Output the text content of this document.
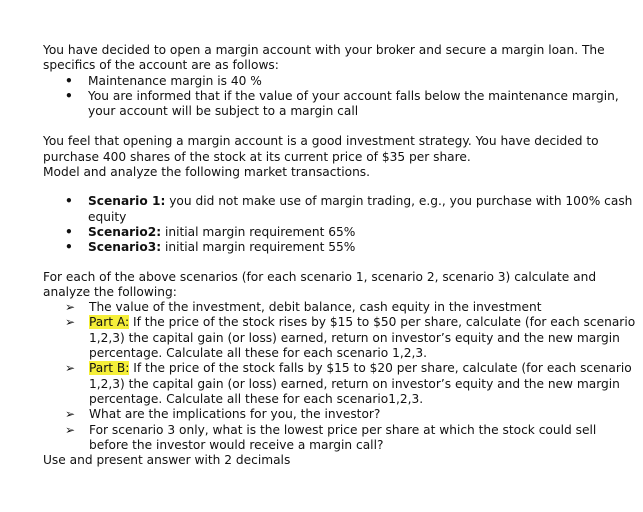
You have decided to open a margin account with your broker and secure a margin loan. The specifics of the account are as follows:

• Maintenance margin is 40 %
• You are informed that if the value of your account falls below the maintenance margin, your account will be subject to a margin call

You feel that opening a margin account is a good investment strategy. You have decided to purchase 400 shares of the stock at its current price of $35 per share.

Model and analyze the following market transactions.

• Scenario 1: you did not make use of margin trading, e.g., you purchase with 100% cash equity
• Scenario2: initial margin requirement 65%
• Scenario3: initial margin requirement 55%

For each of the above scenarios (for each scenario 1, scenario 2, scenario 3) calculate and analyze the following:

➢ The value of the investment, debit balance, cash equity in the investment
➢ Part A: If the price of the stock rises by $15 to $50 per share, calculate (for each scenario 1,2,3) the capital gain (or loss) earned, return on investor’s equity and the new margin percentage. Calculate all these for each scenario 1,2,3.
➢ Part B: If the price of the stock falls by $15 to $20 per share, calculate (for each scenario 1,2,3) the capital gain (or loss) earned, return on investor’s equity and the new margin percentage. Calculate all these for each scenario1,2,3.
➢ What are the implications for you, the investor?
➢ For scenario 3 only, what is the lowest price per share at which the stock could sell before the investor would receive a margin call?

Use and present answer with 2 decimals
